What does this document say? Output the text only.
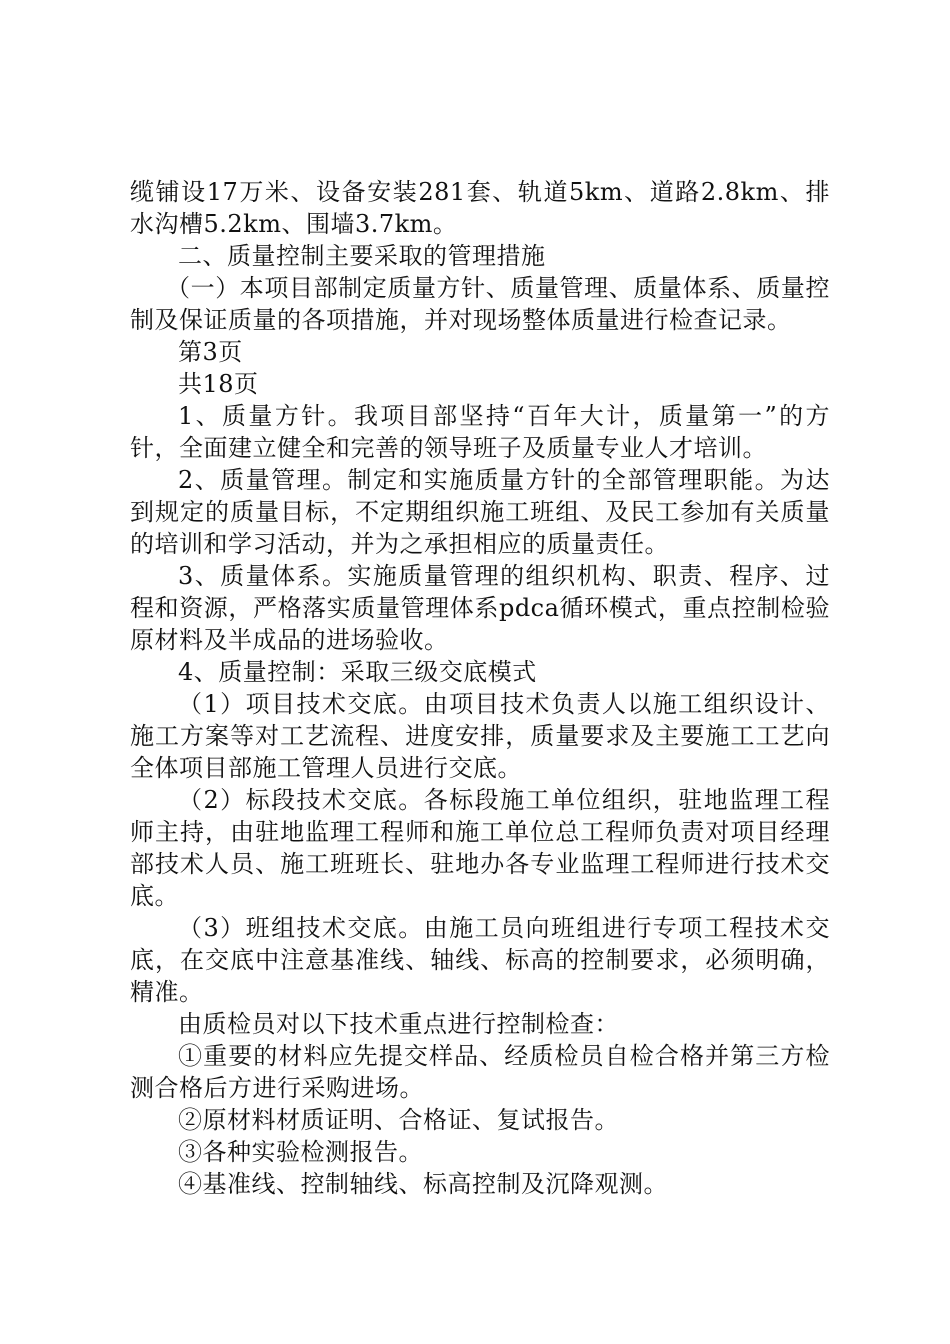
缆铺设17万米、设备安装281套、轨道5km、道路2.8km、排水沟槽5.2km、围墙3.7km。

二、质量控制主要采取的管理措施

（一）本项目部制定质量方针、质量管理、质量体系、质量控制及保证质量的各项措施，并对现场整体质量进行检查记录。

第3页

共18页

1、质量方针。我项目部坚持“百年大计，质量第一”的方针，全面建立健全和完善的领导班子及质量专业人才培训。

2、质量管理。制定和实施质量方针的全部管理职能。为达到规定的质量目标，不定期组织施工班组、及民工参加有关质量的培训和学习活动，并为之承担相应的质量责任。

3、质量体系。实施质量管理的组织机构、职责、程序、过程和资源，严格落实质量管理体系pdca循环模式，重点控制检验原材料及半成品的进场验收。

4、质量控制：采取三级交底模式

（1）项目技术交底。由项目技术负责人以施工组织设计、施工方案等对工艺流程、进度安排，质量要求及主要施工工艺向全体项目部施工管理人员进行交底。

（2）标段技术交底。各标段施工单位组织，驻地监理工程师主持，由驻地监理工程师和施工单位总工程师负责对项目经理部技术人员、施工班班长、驻地办各专业监理工程师进行技术交底。

（3）班组技术交底。由施工员向班组进行专项工程技术交底，在交底中注意基准线、轴线、标高的控制要求，必须明确，精准。

由质检员对以下技术重点进行控制检查：

①重要的材料应先提交样品、经质检员自检合格并第三方检测合格后方进行采购进场。

②原材料材质证明、合格证、复试报告。

③各种实验检测报告。

④基准线、控制轴线、标高控制及沉降观测。
